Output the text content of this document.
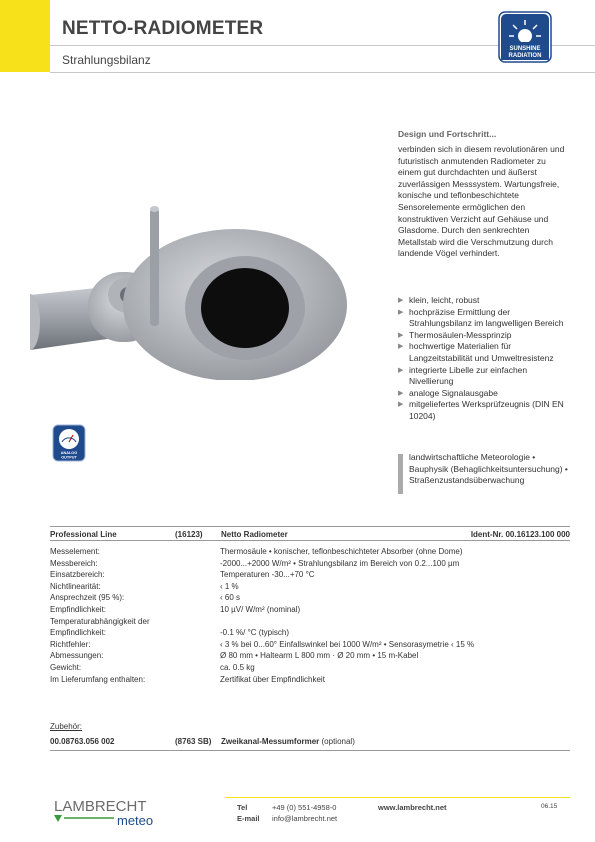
NETTO-RADIOMETER
Strahlungsbilanz
SUNSHINE
RADIATION
ANALOG
OUTPUT
Design und Fortschritt...
verbinden sich in diesem revolutionären und futuristisch anmutenden Radiometer zu einem gut durchdachten und äußerst zuverlässigen Messsystem. Wartungsfreie, konische und teflonbeschichtete Sensorelemente ermöglichen den konstruktiven Verzicht auf Gehäuse und Glasdome. Durch den senkrechten Metallstab wird die Verschmutzung durch landende Vögel verhindert.
▶ klein, leicht, robust
▶ hochpräzise Ermittlung der Strahlungsbilanz im langwelligen Bereich
▶ Thermosäulen-Messprinzip
▶ hochwertige Materialien für Langzeitstabilität und Umweltresistenz
▶ integrierte Libelle zur einfachen Nivellierung
▶ analoge Signalausgabe
▶ mitgeliefertes Werksprüfzeugnis (DIN EN 10204)
landwirtschaftliche Meteorologie • Bauphysik (Behaglichkeitsuntersuchung) • Straßenzustandsüberwachung
Professional Line	(16123) Netto Radiometer	Ident-Nr. 00.16123.100 000
Messelement:	Thermosäule • konischer, teflonbeschichteter Absorber (ohne Dome)
Messbereich:	-2000...+2000 W/m² • Strahlungsbilanz im Bereich von 0.2...100 µm
Einsatzbereich:	Temperaturen -30...+70 °C
Nichtlinearität:	‹ 1 %
Ansprechzeit (95 %):	‹ 60 s
Empfindlichkeit:	10 µV/ W/m² (nominal)
Temperaturabhängigkeit der	
Empfindlichkeit:	-0.1 %/ °C (typisch)
Richtfehler:	‹ 3 % bei 0...60° Einfallswinkel bei 1000 W/m² • Sensorasymetrie ‹ 15 %
Abmessungen:	Ø 80 mm • Haltearm L 800 mm · Ø 20 mm • 15 m-Kabel
Gewicht:	ca. 0.5 kg
Im Lieferumfang enthalten:	Zertifikat über Empfindlichkeit
Zubehör:
00.08763.056 002	(8763 SB) Zweikanal-Messumformer (optional)
LAMBRECHT
meteo
Tel	+49 (0) 551-4958-0
E-mail info@lambrecht.net
www.lambrecht.net	06.15
